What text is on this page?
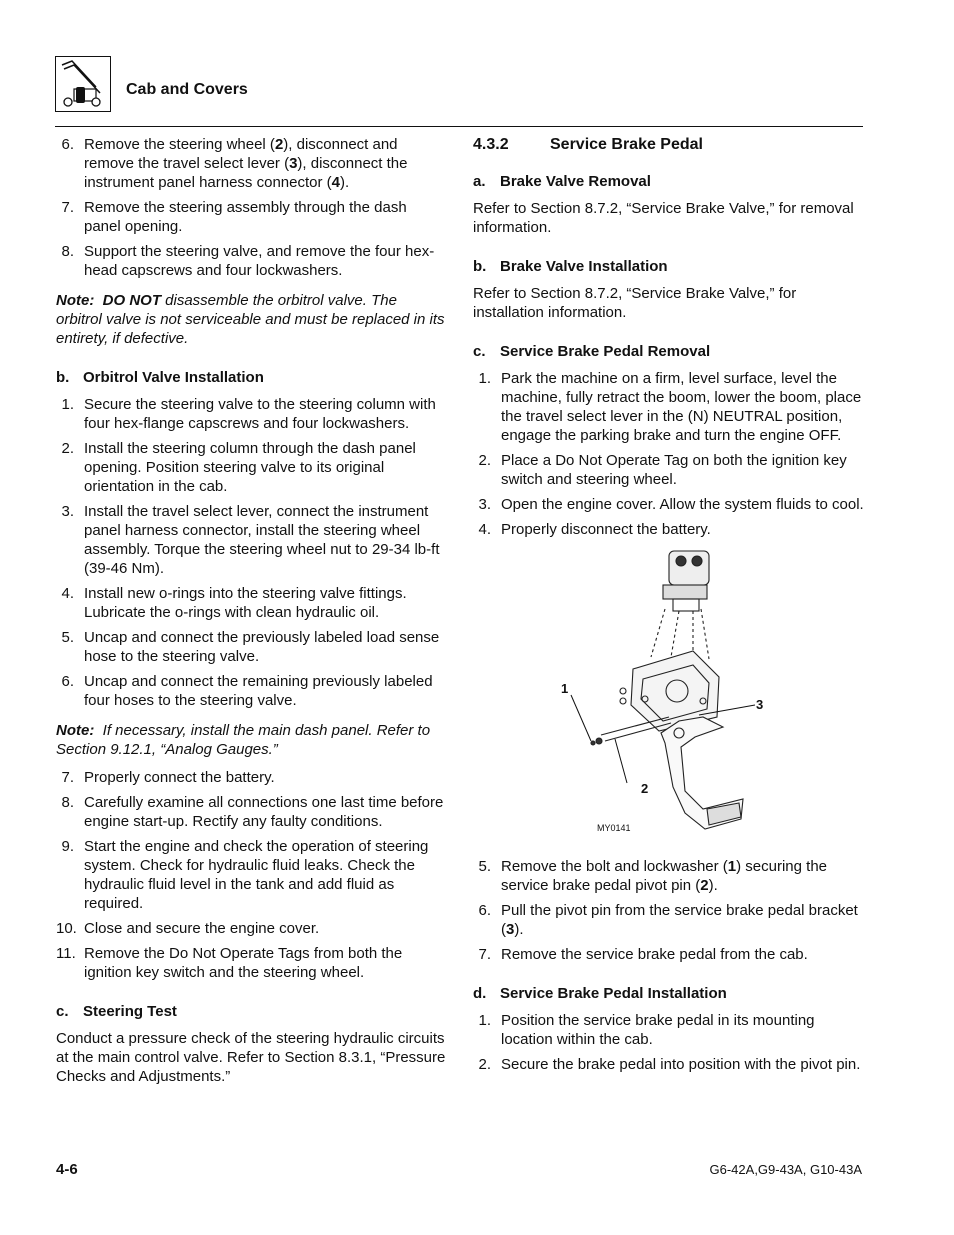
Cab and Covers
6. Remove the steering wheel (2), disconnect and remove the travel select lever (3), disconnect the instrument panel harness connector (4).
7. Remove the steering assembly through the dash panel opening.
8. Support the steering valve, and remove the four hex-head capscrews and four lockwashers.

Note:  DO NOT disassemble the orbitrol valve. The orbitrol valve is not serviceable and must be replaced in its entirety, if defective.

b. Orbitrol Valve Installation
1. Secure the steering valve to the steering column with four hex-flange capscrews and four lockwashers.
2. Install the steering column through the dash panel opening. Position steering valve to its original orientation in the cab.
3. Install the travel select lever, connect the instrument panel harness connector, install the steering wheel assembly. Torque the steering wheel nut to 29-34 lb-ft (39-46 Nm).
4. Install new o-rings into the steering valve fittings. Lubricate the o-rings with clean hydraulic oil.
5. Uncap and connect the previously labeled load sense hose to the steering valve.
6. Uncap and connect the remaining previously labeled four hoses to the steering valve.

Note:  If necessary, install the main dash panel. Refer to Section 9.12.1, “Analog Gauges.”

7. Properly connect the battery.
8. Carefully examine all connections one last time before engine start-up. Rectify any faulty conditions.
9. Start the engine and check the operation of steering system. Check for hydraulic fluid leaks. Check the hydraulic fluid level in the tank and add fluid as required.
10. Close and secure the engine cover.
11. Remove the Do Not Operate Tags from both the ignition key switch and the steering wheel.
c. Steering Test

Conduct a pressure check of the steering hydraulic circuits at the main control valve. Refer to Section 8.3.1, “Pressure Checks and Adjustments.”

4.3.2	Service Brake Pedal
a. Brake Valve Removal

Refer to Section 8.7.2, “Service Brake Valve,” for removal information.

b. Brake Valve Installation

Refer to Section 8.7.2, “Service Brake Valve,” for installation information.

c. Service Brake Pedal Removal
1. Park the machine on a firm, level surface, level the machine, fully retract the boom, lower the boom, place the travel select lever in the (N) NEUTRAL position, engage the parking brake and turn the engine OFF.
2. Place a Do Not Operate Tag on both the ignition key switch and steering wheel.
3. Open the engine cover. Allow the system fluids to cool.
4. Properly disconnect the battery.
1
2
3
MY0141
5. Remove the bolt and lockwasher (1) securing the service brake pedal pivot pin (2).
6. Pull the pivot pin from the service brake pedal bracket (3).
7. Remove the service brake pedal from the cab.
d. Service Brake Pedal Installation
1. Position the service brake pedal in its mounting location within the cab.
2. Secure the brake pedal into position with the pivot pin.
4-6	G6-42A,G9-43A, G10-43A
